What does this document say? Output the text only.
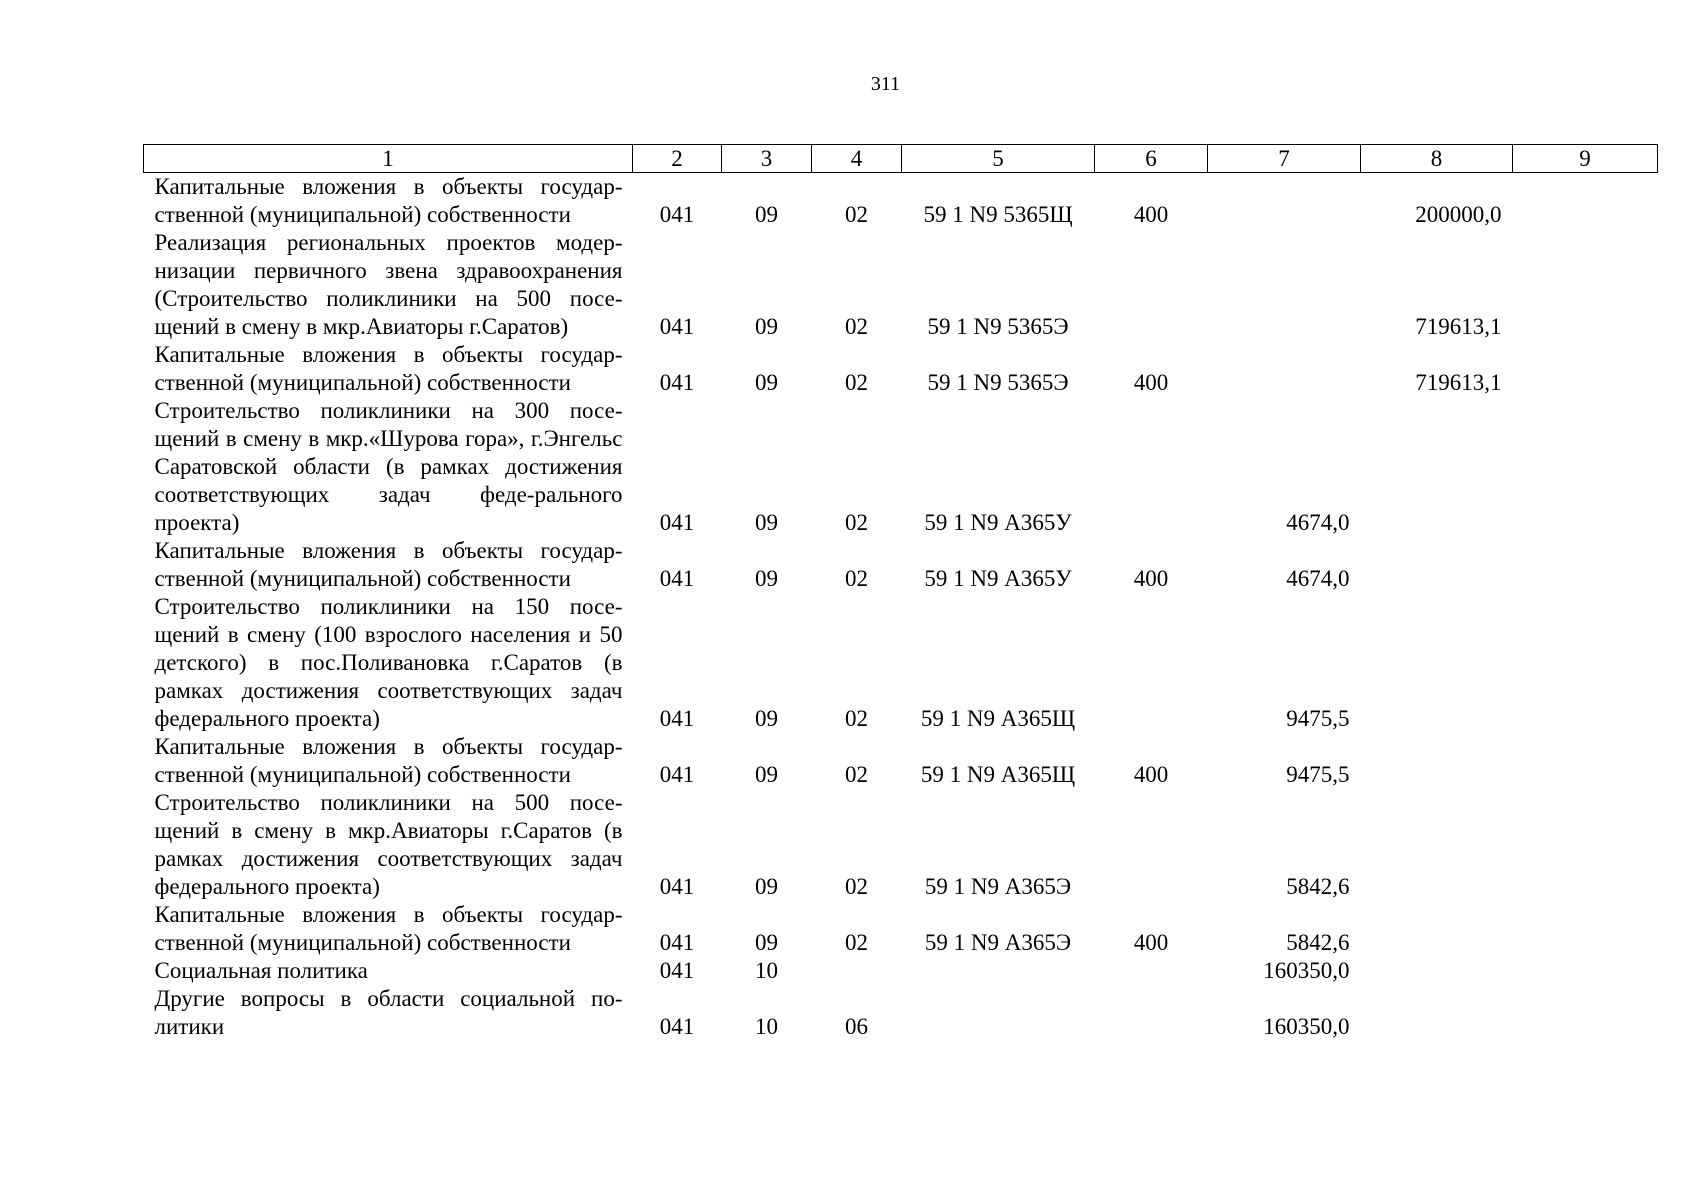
311
1	2	3	4	5	6	7	8	9
Капитальные вложения в объекты государ-ственной (муниципальной) собственности	041	09	02	59 1 N9 5365Щ	400		200000,0	
Реализация региональных проектов модер-низации первичного звена здравоохранения (Строительство поликлиники на 500 посе-щений в смену в мкр.Авиаторы г.Саратов)	041	09	02	59 1 N9 5365Э			719613,1	
Капитальные вложения в объекты государ-ственной (муниципальной) собственности	041	09	02	59 1 N9 5365Э	400		719613,1	
Строительство поликлиники на 300 посе-щений в смену в мкр.«Шурова гора», г.Энгельс Саратовской области (в рамках достижения соответствующих задач феде-рального проекта)	041	09	02	59 1 N9 А365У		4674,0		
Капитальные вложения в объекты государ-ственной (муниципальной) собственности	041	09	02	59 1 N9 А365У	400	4674,0		
Строительство поликлиники на 150 посе-щений в смену (100 взрослого населения и 50 детского) в пос.Поливановка г.Саратов (в рамках достижения соответствующих задач федерального проекта)	041	09	02	59 1 N9 А365Щ		9475,5		
Капитальные вложения в объекты государ-ственной (муниципальной) собственности	041	09	02	59 1 N9 А365Щ	400	9475,5		
Строительство поликлиники на 500 посе-щений в смену в мкр.Авиаторы г.Саратов (в рамках достижения соответствующих задач федерального проекта)	041	09	02	59 1 N9 А365Э		5842,6		
Капитальные вложения в объекты государ-ственной (муниципальной) собственности	041	09	02	59 1 N9 А365Э	400	5842,6		
Социальная политика	041	10				160350,0		
Другие вопросы в области социальной по-литики	041	10	06			160350,0		
